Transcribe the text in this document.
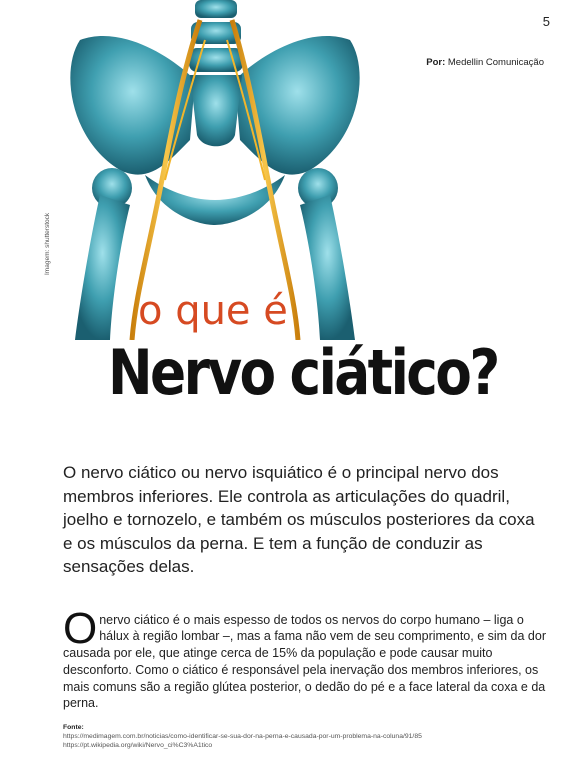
5
Por: Medellin Comunicação
Imagem: shutterstock
o que é
Nervo ciático?

O nervo ciático ou nervo isquiático é o principal nervo dos membros inferiores. Ele controla as articulações do quadril, joelho e tornozelo, e também os músculos posteriores da coxa e os músculos da perna. E tem a função de conduzir as sensações delas.

O nervo ciático é o mais espesso de todos os nervos do corpo humano – liga o hálux à região lombar –, mas a fama não vem de seu comprimento, e sim da dor causada por ele, que atinge cerca de 15% da população e pode causar muito desconforto. Como o ciático é responsável pela inervação dos membros inferiores, os mais comuns são a região glútea posterior, o dedão do pé e a face lateral da coxa e da perna.

Fonte:
https://medimagem.com.br/noticias/como-identificar-se-sua-dor-na-perna-e-causada-por-um-problema-na-coluna/91/85
https://pt.wikipedia.org/wiki/Nervo_ci%C3%A1tico
